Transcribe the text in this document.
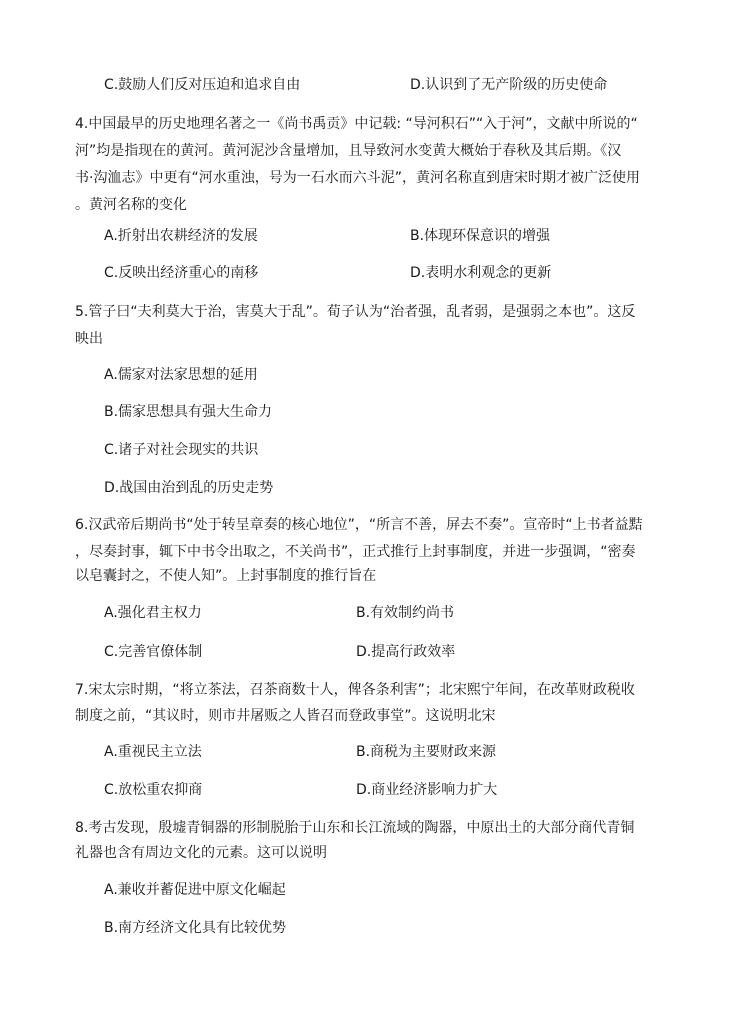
C.鼓励人们反对压迫和追求自由	D.认识到了无产阶级的历史使命
4.中国最早的历史地理名著之一《尚书禹贡》中记载: “导河积石”“入于河”，文献中所说的“
河”均是指现在的黄河。黄河泥沙含量增加，且导致河水变黄大概始于春秋及其后期。《汉
书·沟洫志》中更有“河水重浊，号为一石水而六斗泥”，黄河名称直到唐宋时期才被广泛使用
。黄河名称的变化
A.折射出农耕经济的发展	B.体现环保意识的增强
C.反映出经济重心的南移	D.表明水利观念的更新
5.管子曰“夫利莫大于治，害莫大于乱”。荀子认为“治者强，乱者弱，是强弱之本也”。这反
映出
A.儒家对法家思想的延用
B.儒家思想具有强大生命力
C.诸子对社会现实的共识
D.战国由治到乱的历史走势
6.汉武帝后期尚书“处于转呈章奏的核心地位”，“所言不善，屏去不奏”。宣帝时“上书者益黠
，尽奏封事，辄下中书令出取之，不关尚书”，正式推行上封事制度，并进一步强调，“密奏
以皂囊封之，不使人知”。上封事制度的推行旨在
A.强化君主权力	B.有效制约尚书
C.完善官僚体制	D.提高行政效率
7.宋太宗时期，“将立茶法，召茶商数十人，俾各条利害”；北宋熙宁年间，在改革财政税收
制度之前，“其议时，则市井屠贩之人皆召而登政事堂”。这说明北宋
A.重视民主立法	B.商税为主要财政来源
C.放松重农抑商	D.商业经济影响力扩大
8.考古发现，殷墟青铜器的形制脱胎于山东和长江流域的陶器，中原出土的大部分商代青铜
礼器也含有周边文化的元素。这可以说明
A.兼收并蓄促进中原文化崛起
B.南方经济文化具有比较优势
